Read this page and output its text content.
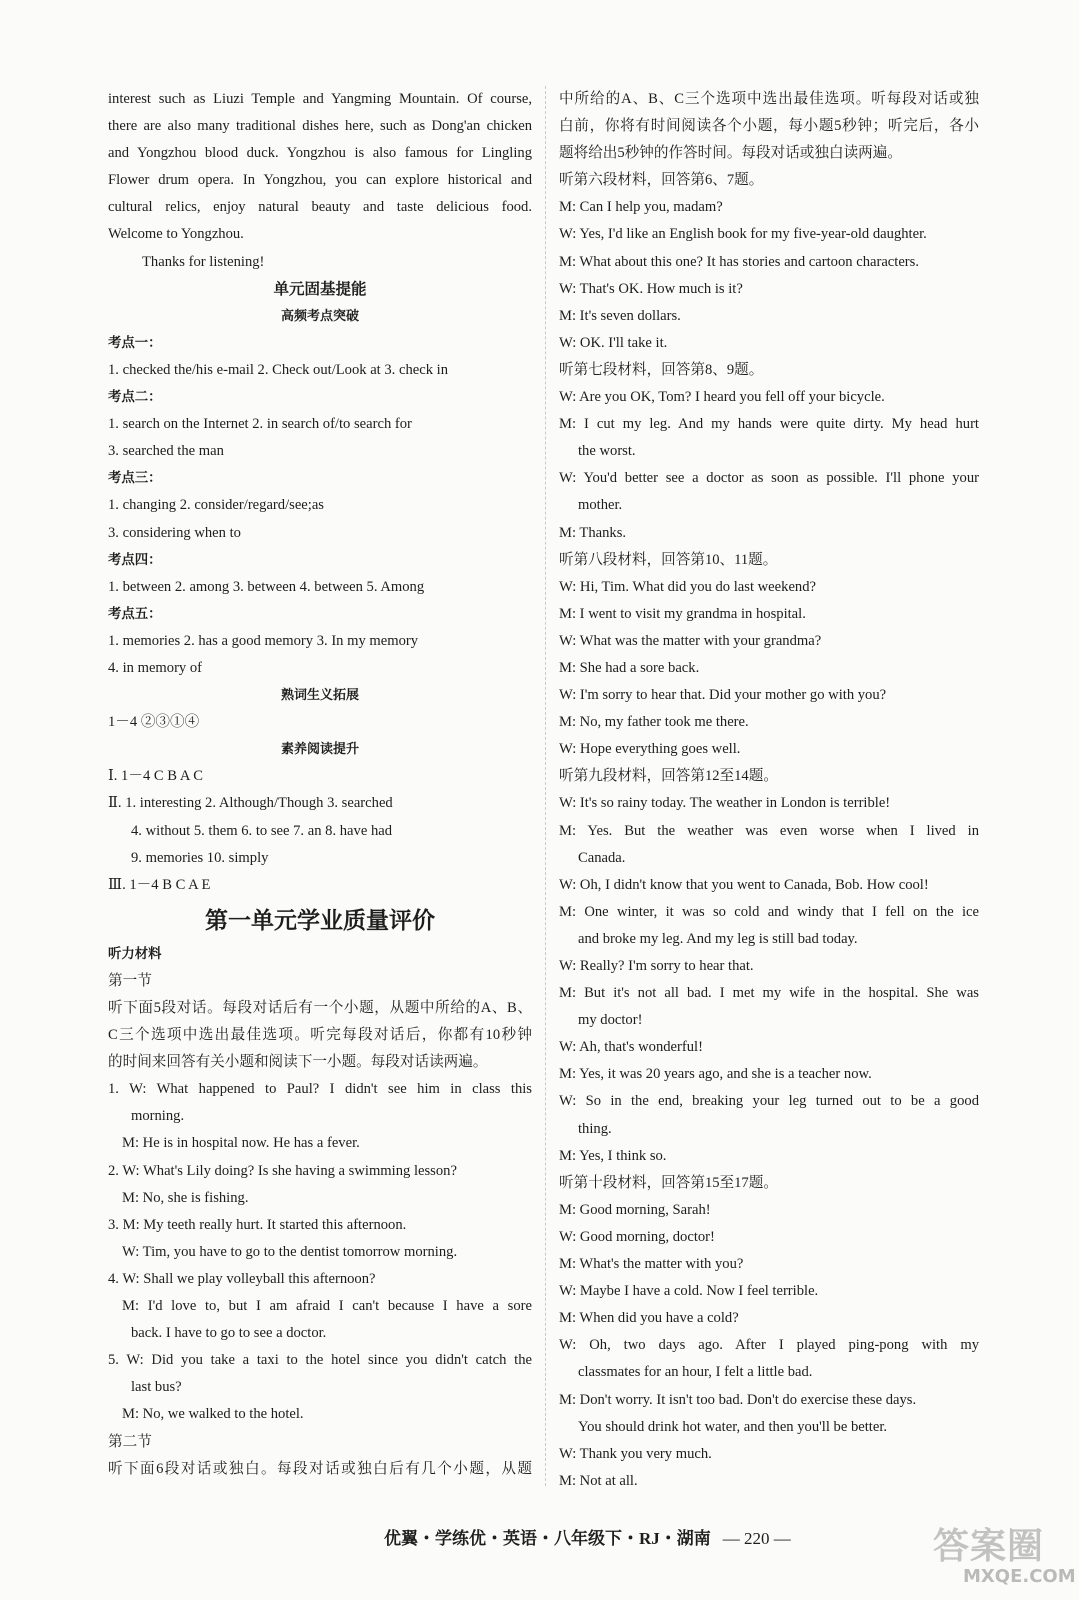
interest such as Liuzi Temple and Yangming Mountain. Of course,
there are also many traditional dishes here, such as Dong'an chicken
and Yongzhou blood duck. Yongzhou is also famous for Lingling
Flower drum opera. In Yongzhou, you can explore historical and
cultural relics, enjoy natural beauty and taste delicious food.
Welcome to Yongzhou.
Thanks for listening!
单元固基提能
高频考点突破
考点一：
1. checked the/his e-mail 2. Check out/Look at 3. check in
考点二：
1. search on the Internet 2. in search of/to search for
3. searched the man
考点三：
1. changing 2. consider/regard/see;as
3. considering when to
考点四：
1. between 2. among 3. between 4. between 5. Among
考点五：
1. memories 2. has a good memory 3. In my memory
4. in memory of
熟词生义拓展
1－4 ②③①④
素养阅读提升
Ⅰ. 1－4 C B A C
Ⅱ. 1. interesting 2. Although/Though 3. searched
4. without 5. them 6. to see 7. an 8. have had
9. memories 10. simply
Ⅲ. 1－4 B C A E
第一单元学业质量评价
听力材料
第一节
听下面5段对话。每段对话后有一个小题，从题中所给的A、B、
C三个选项中选出最佳选项。听完每段对话后，你都有10秒钟
的时间来回答有关小题和阅读下一小题。每段对话读两遍。
1. W: What happened to Paul? I didn't see him in class this
morning.
M: He is in hospital now. He has a fever.
2. W: What's Lily doing? Is she having a swimming lesson?
M: No, she is fishing.
3. M: My teeth really hurt. It started this afternoon.
W: Tim, you have to go to the dentist tomorrow morning.
4. W: Shall we play volleyball this afternoon?
M: I'd love to, but I am afraid I can't because I have a sore
back. I have to go to see a doctor.
5. W: Did you take a taxi to the hotel since you didn't catch the
last bus?
M: No, we walked to the hotel.
第二节
听下面6段对话或独白。每段对话或独白后有几个小题，从题
中所给的A、B、C三个选项中选出最佳选项。听每段对话或独
白前，你将有时间阅读各个小题，每小题5秒钟；听完后，各小
题将给出5秒钟的作答时间。每段对话或独白读两遍。
听第六段材料，回答第6、7题。
M: Can I help you, madam?
W: Yes, I'd like an English book for my five-year-old daughter.
M: What about this one? It has stories and cartoon characters.
W: That's OK. How much is it?
M: It's seven dollars.
W: OK. I'll take it.
听第七段材料，回答第8、9题。
W: Are you OK, Tom? I heard you fell off your bicycle.
M: I cut my leg. And my hands were quite dirty. My head hurt
the worst.
W: You'd better see a doctor as soon as possible. I'll phone your
mother.
M: Thanks.
听第八段材料，回答第10、11题。
W: Hi, Tim. What did you do last weekend?
M: I went to visit my grandma in hospital.
W: What was the matter with your grandma?
M: She had a sore back.
W: I'm sorry to hear that. Did your mother go with you?
M: No, my father took me there.
W: Hope everything goes well.
听第九段材料，回答第12至14题。
W: It's so rainy today. The weather in London is terrible!
M: Yes. But the weather was even worse when I lived in
Canada.
W: Oh, I didn't know that you went to Canada, Bob. How cool!
M: One winter, it was so cold and windy that I fell on the ice
and broke my leg. And my leg is still bad today.
W: Really? I'm sorry to hear that.
M: But it's not all bad. I met my wife in the hospital. She was
my doctor!
W: Ah, that's wonderful!
M: Yes, it was 20 years ago, and she is a teacher now.
W: So in the end, breaking your leg turned out to be a good
thing.
M: Yes, I think so.
听第十段材料，回答第15至17题。
M: Good morning, Sarah!
W: Good morning, doctor!
M: What's the matter with you?
W: Maybe I have a cold. Now I feel terrible.
M: When did you have a cold?
W: Oh, two days ago. After I played ping-pong with my
classmates for an hour, I felt a little bad.
M: Don't worry. It isn't too bad. Don't do exercise these days.
You should drink hot water, and then you'll be better.
W: Thank you very much.
M: Not at all.
优翼・学练优・英语・八年级下・RJ・湖南 — 220 —	答案圈
MXQE.COM
